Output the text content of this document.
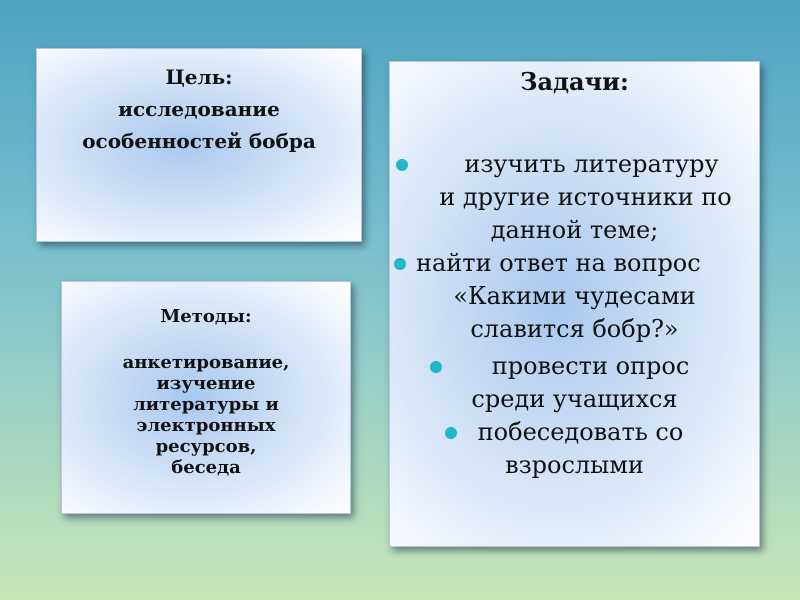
Цель:
исследование
особенностей бобра
Методы:
анкетирование,
изучение
литературы и
электронных
ресурсов,
беседа
Задачи:
изучить литературу
и другие источники по
данной теме;
найти ответ на вопрос
«Какими чудесами
славится бобр?»
провести опрос
среди учащихся
побеседовать со
взрослыми
